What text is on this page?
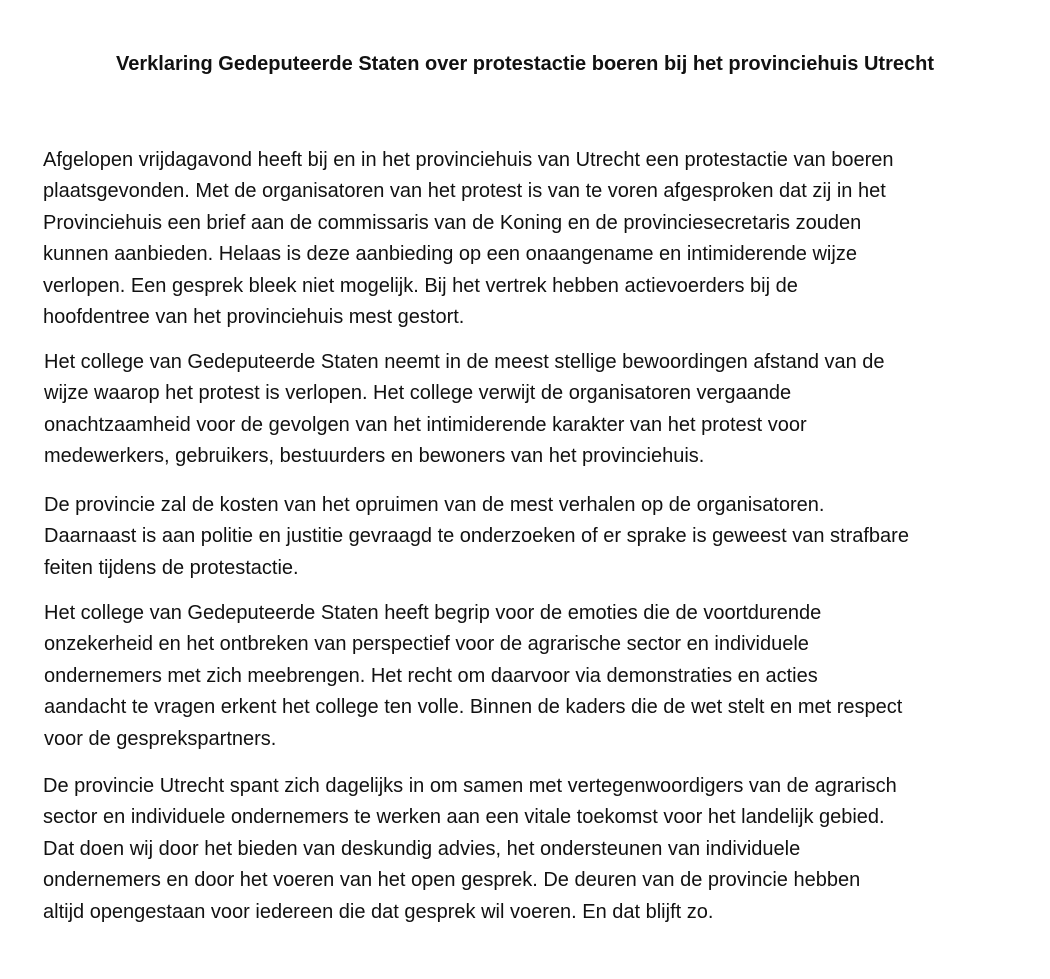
Verklaring Gedeputeerde Staten over protestactie boeren bij het provinciehuis Utrecht

Afgelopen vrijdagavond heeft bij en in het provinciehuis van Utrecht een protestactie van boeren
plaatsgevonden. Met de organisatoren van het protest is van te voren afgesproken dat zij in het
Provinciehuis een brief aan de commissaris van de Koning en de provinciesecretaris zouden
kunnen aanbieden. Helaas is deze aanbieding op een onaangename en intimiderende wijze
verlopen. Een gesprek bleek niet mogelijk. Bij het vertrek hebben actievoerders bij de
hoofdentree van het provinciehuis mest gestort.

Het college van Gedeputeerde Staten neemt in de meest stellige bewoordingen afstand van de
wijze waarop het protest is verlopen. Het college verwijt de organisatoren vergaande
onachtzaamheid voor de gevolgen van het intimiderende karakter van het protest voor
medewerkers, gebruikers, bestuurders en bewoners van het provinciehuis.

De provincie zal de kosten van het opruimen van de mest verhalen op de organisatoren.
Daarnaast is aan politie en justitie gevraagd te onderzoeken of er sprake is geweest van strafbare
feiten tijdens de protestactie.

Het college van Gedeputeerde Staten heeft begrip voor de emoties die de voortdurende
onzekerheid en het ontbreken van perspectief voor de agrarische sector en individuele
ondernemers met zich meebrengen. Het recht om daarvoor via demonstraties en acties
aandacht te vragen erkent het college ten volle. Binnen de kaders die de wet stelt en met respect
voor de gesprekspartners.

De provincie Utrecht spant zich dagelijks in om samen met vertegenwoordigers van de agrarisch
sector en individuele ondernemers te werken aan een vitale toekomst voor het landelijk gebied.
Dat doen wij door het bieden van deskundig advies, het ondersteunen van individuele
ondernemers en door het voeren van het open gesprek. De deuren van de provincie hebben
altijd opengestaan voor iedereen die dat gesprek wil voeren. En dat blijft zo.
